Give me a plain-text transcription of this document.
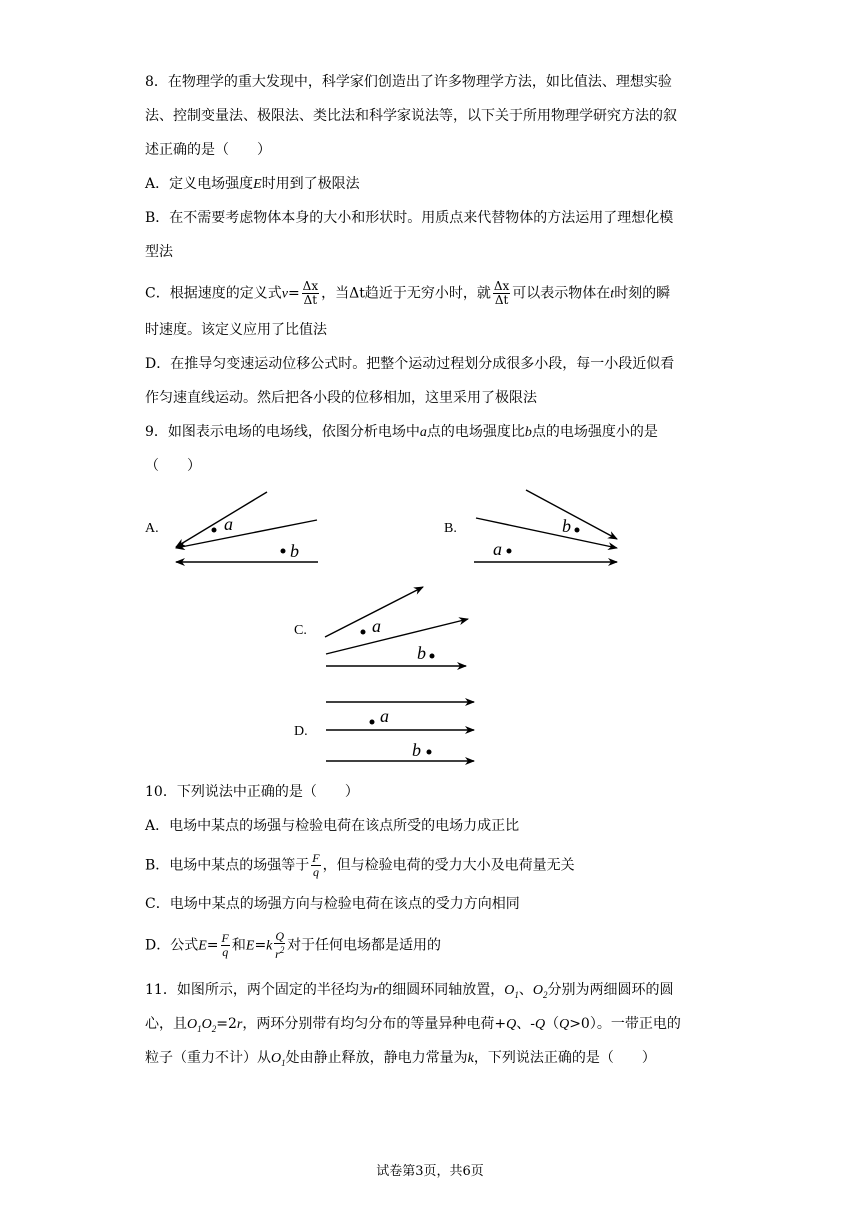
8．在物理学的重大发现中，科学家们创造出了许多物理学方法，如比值法、理想实验
法、控制变量法、极限法、类比法和科学家说法等，以下关于所用物理学研究方法的叙
述正确的是（　　）
A．定义电场强度E时用到了极限法
B．在不需要考虑物体本身的大小和形状时。用质点来代替物体的方法运用了理想化模
型法
C．根据速度的定义式$v= \frac{\Delta x}{\Delta t}$ ，当Δt趋近于无穷小时，就 $\frac{\Delta x}{\Delta t}$ 可以表示物体在t时刻的瞬
时速度。该定义应用了比值法
D．在推导匀变速运动位移公式时。把整个运动过程划分成很多小段，每一小段近似看
作匀速直线运动。然后把各小段的位移相加，这里采用了极限法
9．如图表示电场的电场线，依图分析电场中a点的电场强度比b点的电场强度小的是
（　　）
A.	a
b
B.	b
a
C.	a
b
D.
a
b
10．下列说法中正确的是（　　）
A．电场中某点的场强与检验电荷在该点所受的电场力成正比
B．电场中某点的场强等于 $\frac{F}{q}$ ，但与检验电荷的受力大小及电荷量无关
C．电场中某点的场强方向与检验电荷在该点的受力方向相同
D．公式$E= \frac{F}{q}$ 和$E=k \frac{Q}{r^2}$ 对于任何电场都是适用的
11．如图所示，两个固定的半径均为r的细圆环同轴放置，$O_1$、$O_2$分别为两细圆环的圆
心，且$O_1O_2=2r$，两环分别带有均匀分布的等量异种电荷+Q、-Q（Q>0）。一带正电的
粒子（重力不计）从$O_1$处由静止释放，静电力常量为k，下列说法正确的是（　　）
试卷第3页，共6页
